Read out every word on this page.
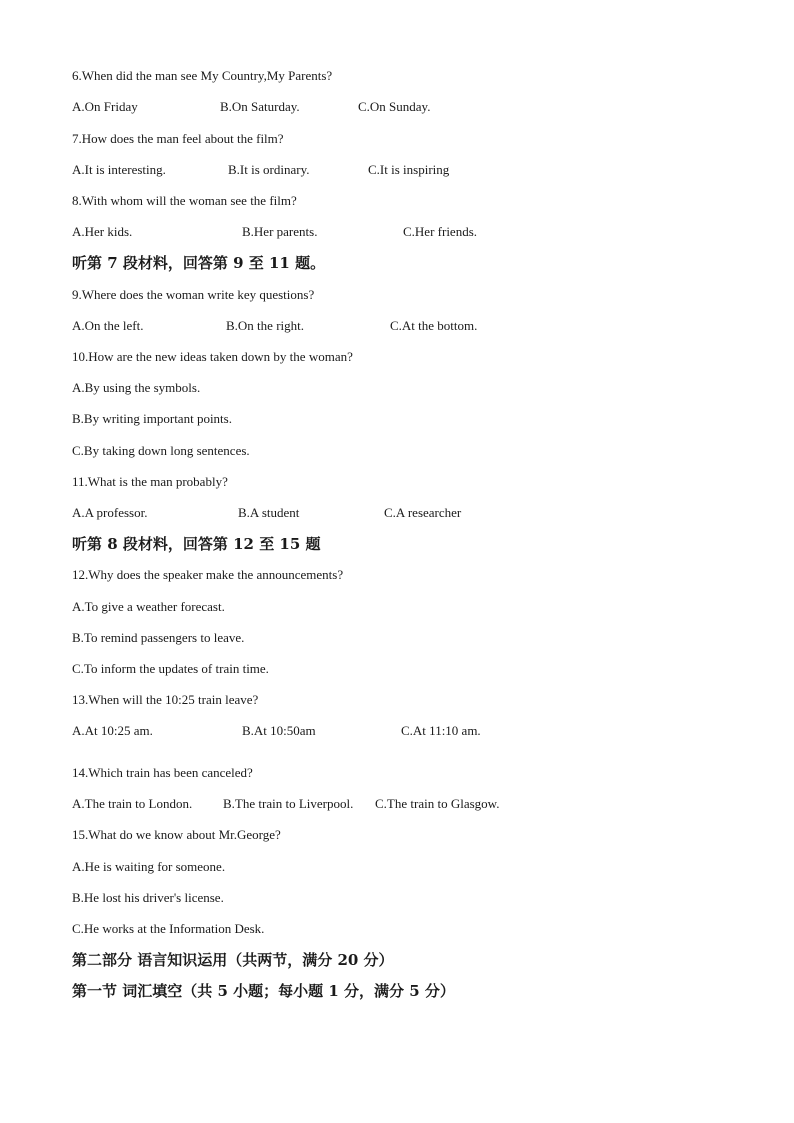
6.When did the man see My Country,My Parents?
A.On Friday	B.On Saturday.	C.On Sunday.
7.How does the man feel about the film?
A.It is interesting.	B.It is ordinary.	C.It is inspiring
8.With whom will the woman see the film?
A.Her kids.	B.Her parents.	C.Her friends.
听第 7 段材料，回答第 9 至 11 题。
9.Where does the woman write key questions?
A.On the left.	B.On the right.	C.At the bottom.
10.How are the new ideas taken down by the woman?
A.By using the symbols.
B.By writing important points.
C.By taking down long sentences.
11.What is the man probably?
A.A professor.	B.A student	C.A researcher
听第 8 段材料，回答第 12 至 15 题
12.Why does the speaker make the announcements?
A.To give a weather forecast.
B.To remind passengers to leave.
C.To inform the updates of train time.
13.When will the 10:25 train leave?
A.At 10:25 am.	B.At 10:50am	C.At 11:10 am.
14.Which train has been canceled?
A.The train to London. B.The train to Liverpool. C.The train to Glasgow.
15.What do we know about Mr.George?
A.He is waiting for someone.
B.He lost his driver's license.
C.He works at the Information Desk.
第二部分 语言知识运用（共两节，满分 20 分）
第一节 词汇填空（共 5 小题；每小题 1 分，满分 5 分）
